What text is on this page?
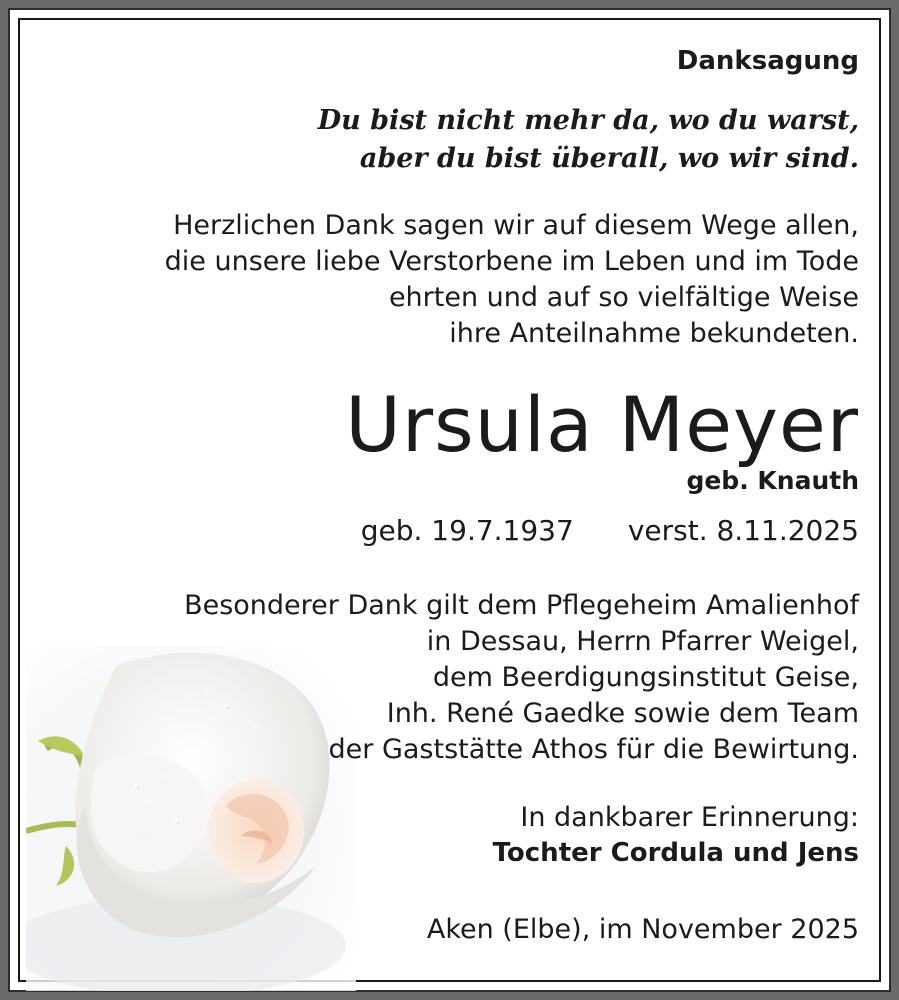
Danksagung
Du bist nicht mehr da, wo du warst,
aber du bist überall, wo wir sind.
Herzlichen Dank sagen wir auf diesem Wege allen,
die unsere liebe Verstorbene im Leben und im Tode
ehrten und auf so vielfältige Weise
ihre Anteilnahme bekundeten.
Ursula Meyer
geb. Knauth
geb. 19.7.1937 verst. 8.11.2025
Besonderer Dank gilt dem Pflegeheim Amalienhof
in Dessau, Herrn Pfarrer Weigel,
dem Beerdigungsinstitut Geise,
Inh. René Gaedke sowie dem Team
der Gaststätte Athos für die Bewirtung.
In dankbarer Erinnerung:
Tochter Cordula und Jens
Aken (Elbe), im November 2025
